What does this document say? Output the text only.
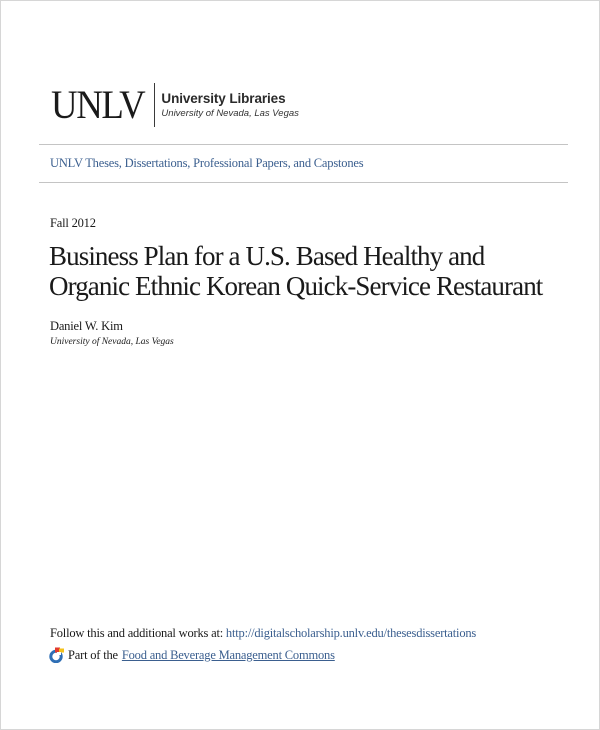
UNLV University Libraries
University of Nevada, Las Vegas
UNLV Theses, Dissertations, Professional Papers, and Capstones
Fall 2012
Business Plan for a U.S. Based Healthy and Organic Ethnic Korean Quick-Service Restaurant
Daniel W. Kim
University of Nevada, Las Vegas
Follow this and additional works at: http://digitalscholarship.unlv.edu/thesesdissertations
Part of the Food and Beverage Management Commons
